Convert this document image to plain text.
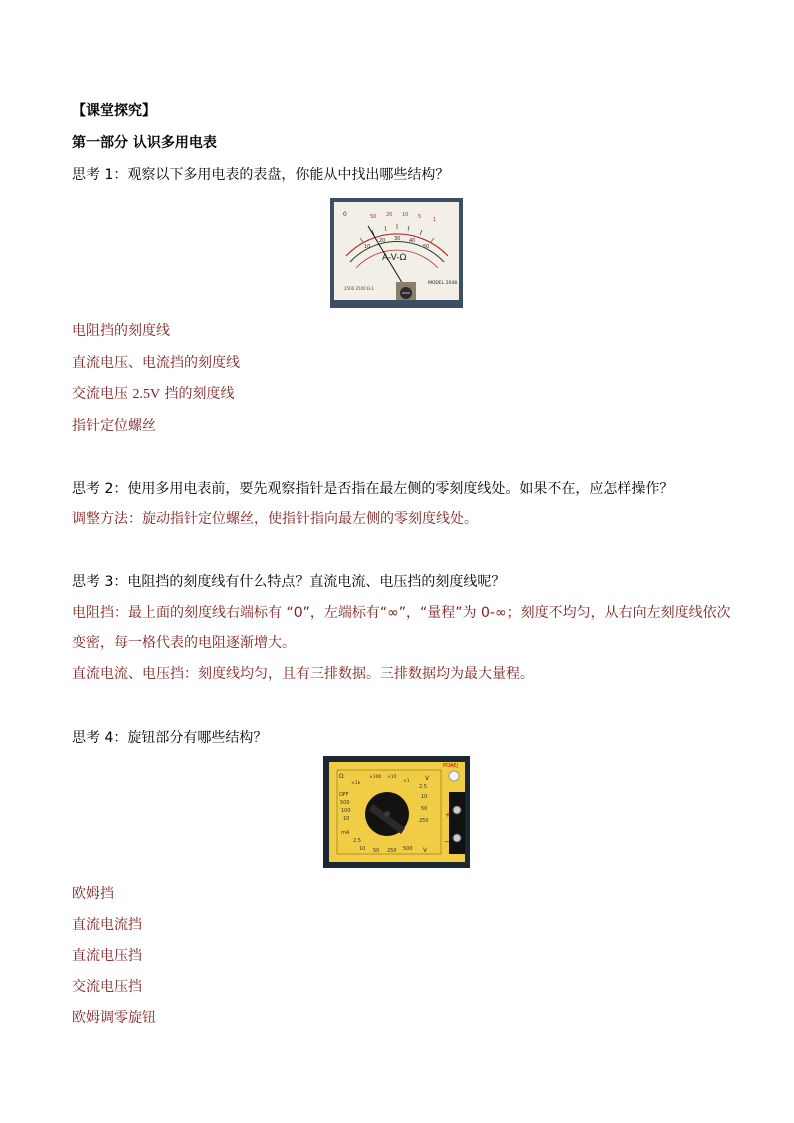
【课堂探究】
第一部分 认识多用电表
思考 1：观察以下多用电表的表盘，你能从中找出哪些结构？
0	50 20 10 5 1
10
20 30 40
50
A-V-Ω
MODEL 2048
2500 2500 Ω-1
电阻挡的刻度线
直流电压、电流挡的刻度线
交流电压 2.5V 挡的刻度线
指针定位螺丝
思考 2：使用多用电表前，要先观察指针是否指在最左侧的零刻度线处。如果不在，应怎样操作？
调整方法：旋动指针定位螺丝，使指针指向最左侧的零刻度线处。
思考 3：电阻挡的刻度线有什么特点？直流电流、电压挡的刻度线呢？
电阻挡：最上面的刻度线右端标有 “0”，左端标有“∞”，“量程”为 0-∞；刻度不均匀，从右向左刻度线依次
变密，每一格代表的电阻逐渐增大。
直流电流、电压挡：刻度线均匀，且有三排数据。三排数据均为最大量程。
思考 4：旋钮部分有哪些结构？
POAEJ
+
−
Ω
×1k
×100 ×10
×1	V
OFF
500
100
10
mA
2.5
10
50
250
2.5
10 50 250 500 V
欧姆挡
直流电流挡
直流电压挡
交流电压挡
欧姆调零旋钮
